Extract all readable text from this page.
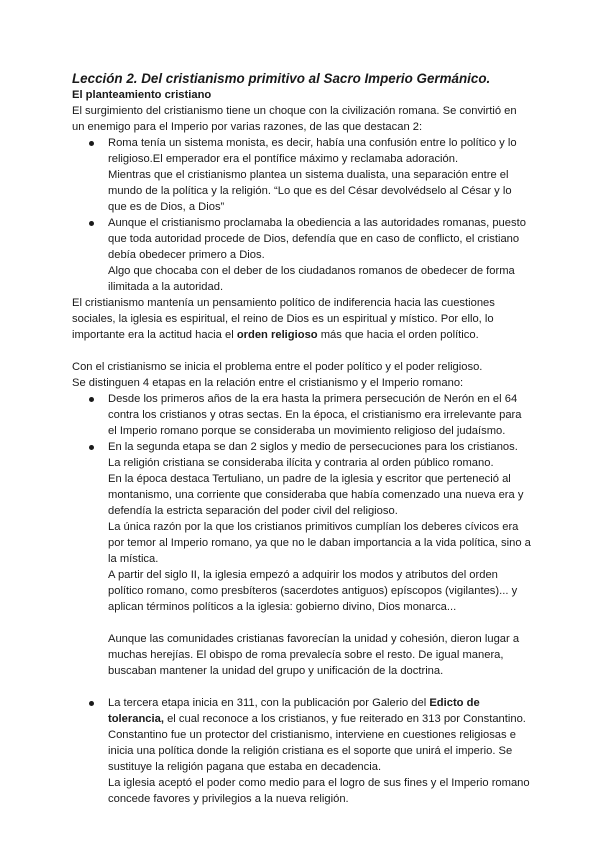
Lección 2. Del cristianismo primitivo al Sacro Imperio Germánico.

El planteamiento cristiano

El surgimiento del cristianismo tiene un choque con la civilización romana. Se convirtió en un enemigo para el Imperio por varias razones, de las que destacan 2:

Roma tenía un sistema monista, es decir, había una confusión entre lo político y lo religioso.El emperador era el pontífice máximo y reclamaba adoración.

Mientras que el cristianismo plantea un sistema dualista, una separación entre el mundo de la política y la religión. “Lo que es del César devolvédselo al César y lo que es de Dios, a Dios”

Aunque el cristianismo proclamaba la obediencia a las autoridades romanas, puesto que toda autoridad procede de Dios, defendía que en caso de conflicto, el cristiano debía obedecer primero a Dios.

Algo que chocaba con el deber de los ciudadanos romanos de obedecer de forma ilimitada a la autoridad.

El cristianismo mantenía un pensamiento político de indiferencia hacia las cuestiones sociales, la iglesia es espiritual, el reino de Dios es un espiritual y místico. Por ello, lo importante era la actitud hacia el orden religioso más que hacia el orden político.

Con el cristianismo se inicia el problema entre el poder político y el poder religioso.

Se distinguen 4 etapas en la relación entre el cristianismo y el Imperio romano:

Desde los primeros años de la era hasta la primera persecución de Nerón en el 64 contra los cristianos y otras sectas. En la época, el cristianismo era irrelevante para el Imperio romano porque se consideraba un movimiento religioso del judaísmo.

En la segunda etapa se dan 2 siglos y medio de persecuciones para los cristianos.

La religión cristiana se consideraba ilícita y contraria al orden público romano.

En la época destaca Tertuliano, un padre de la iglesia y escritor que perteneció al montanismo, una corriente que consideraba que había comenzado una nueva era y defendía la estricta separación del poder civil del religioso.

La única razón por la que los cristianos primitivos cumplían los deberes cívicos era por temor al Imperio romano, ya que no le daban importancia a la vida política, sino a la mística.

A partir del siglo II, la iglesia empezó a adquirir los modos y atributos del orden político romano, como presbíteros (sacerdotes antiguos) epíscopos (vigilantes)... y aplican términos políticos a la iglesia: gobierno divino, Dios monarca...

Aunque las comunidades cristianas favorecían la unidad y cohesión, dieron lugar a muchas herejías. El obispo de roma prevalecía sobre el resto. De igual manera, buscaban mantener la unidad del grupo y unificación de la doctrina.

La tercera etapa inicia en 311, con la publicación por Galerio del Edicto de tolerancia, el cual reconoce a los cristianos, y fue reiterado en 313 por Constantino.

Constantino fue un protector del cristianismo, interviene en cuestiones religiosas e inicia una política donde la religión cristiana es el soporte que unirá el imperio. Se sustituye la religión pagana que estaba en decadencia.

La iglesia aceptó el poder como medio para el logro de sus fines y el Imperio romano concede favores y privilegios a la nueva religión.
